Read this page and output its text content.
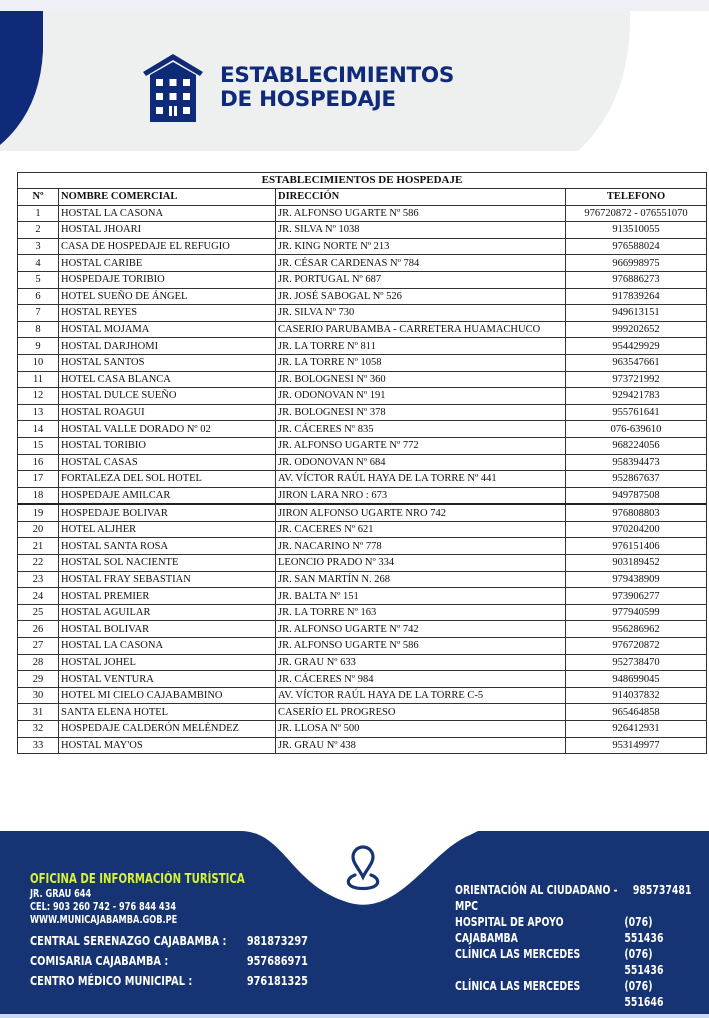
ESTABLECIMIENTOS
DE HOSPEDAJE
ESTABLECIMIENTOS DE HOSPEDAJE			
Nº	NOMBRE COMERCIAL	DIRECCIÓN	TELEFONO
1	HOSTAL LA CASONA	JR. ALFONSO UGARTE Nº 586	976720872 - 076551070
2	HOSTAL JHOARI	JR. SILVA Nº 1038	913510055
3	CASA DE HOSPEDAJE EL REFUGIO	JR. KING NORTE Nº 213	976588024
4	HOSTAL CARIBE	JR. CÉSAR CARDENAS Nº 784	966998975
5	HOSPEDAJE TORIBIO	JR. PORTUGAL Nº 687	976886273
6	HOTEL SUEÑO DE ÁNGEL	JR. JOSÉ SABOGAL Nº 526	917839264
7	HOSTAL REYES	JR. SILVA Nº 730	949613151
8	HOSTAL MOJAMA	CASERIO PARUBAMBA - CARRETERA HUAMACHUCO	999202652
9	HOSTAL DARJHOMI	JR. LA TORRE Nº 811	954429929
10	HOSTAL SANTOS	JR. LA TORRE Nº 1058	963547661
11	HOTEL CASA BLANCA	JR. BOLOGNESI Nº 360	973721992
12	HOSTAL DULCE SUEÑO	JR. ODONOVAN Nº 191	929421783
13	HOSTAL ROAGUI	JR. BOLOGNESI Nº 378	955761641
14	HOSTAL VALLE DORADO Nº 02	JR. CÁCERES Nº 835	076-639610
15	HOSTAL TORIBIO	JR. ALFONSO UGARTE Nº 772	968224056
16	HOSTAL CASAS	JR. ODONOVAN Nº 684	958394473
17	FORTALEZA DEL SOL HOTEL	AV. VÍCTOR RAÚL HAYA DE LA TORRE Nº 441	952867637
18	HOSPEDAJE AMILCAR	JIRON LARA NRO : 673	949787508
19	HOSPEDAJE BOLIVAR	JIRON ALFONSO UGARTE NRO 742	976808803
20	HOTEL ALJHER	JR. CACERES Nº 621	970204200
21	HOSTAL SANTA ROSA	JR. NACARINO Nº 778	976151406
22	HOSTAL SOL NACIENTE	LEONCIO PRADO Nº 334	903189452
23	HOSTAL FRAY SEBASTIAN	JR. SAN MARTÍN N. 268	979438909
24	HOSTAL PREMIER	JR. BALTA Nº 151	973906277
25	HOSTAL AGUILAR	JR. LA TORRE Nº 163	977940599
26	HOSTAL BOLIVAR	JR. ALFONSO UGARTE Nº 742	956286962
27	HOSTAL LA CASONA	JR. ALFONSO UGARTE Nº 586	976720872
28	HOSTAL JOHEL	JR. GRAU Nº 633	952738470
29	HOSTAL VENTURA	JR. CÁCERES Nº 984	948699045
30	HOTEL MI CIELO CAJABAMBINO	AV. VÍCTOR RAÚL HAYA DE LA TORRE C-5	914037832
31	SANTA ELENA HOTEL	CASERÍO EL PROGRESO	965464858
32	HOSPEDAJE CALDERÓN MELÉNDEZ	JR. LLOSA Nº 500	926412931
33	HOSTAL MAY'OS	JR. GRAU Nº 438	953149977
OFICINA DE INFORMACIÓN TURÍSTICA
JR. GRAU 644
CEL: 903 260 742 - 976 844 434
WWW.MUNICAJABAMBA.GOB.PE
CENTRAL SERENAZGO CAJABAMBA :	981873297
COMISARIA CAJABAMBA :	957686971
CENTRO MÉDICO MUNICIPAL :	976181325
ORIENTACIÓN AL CIUDADANO - MPC
985737481
HOSPITAL DE APOYO CAJABAMBA
(076) 551436
CLÍNICA LAS MERCEDES	(076) 551436
CLÍNICA LAS MERCEDES	(076) 551646
